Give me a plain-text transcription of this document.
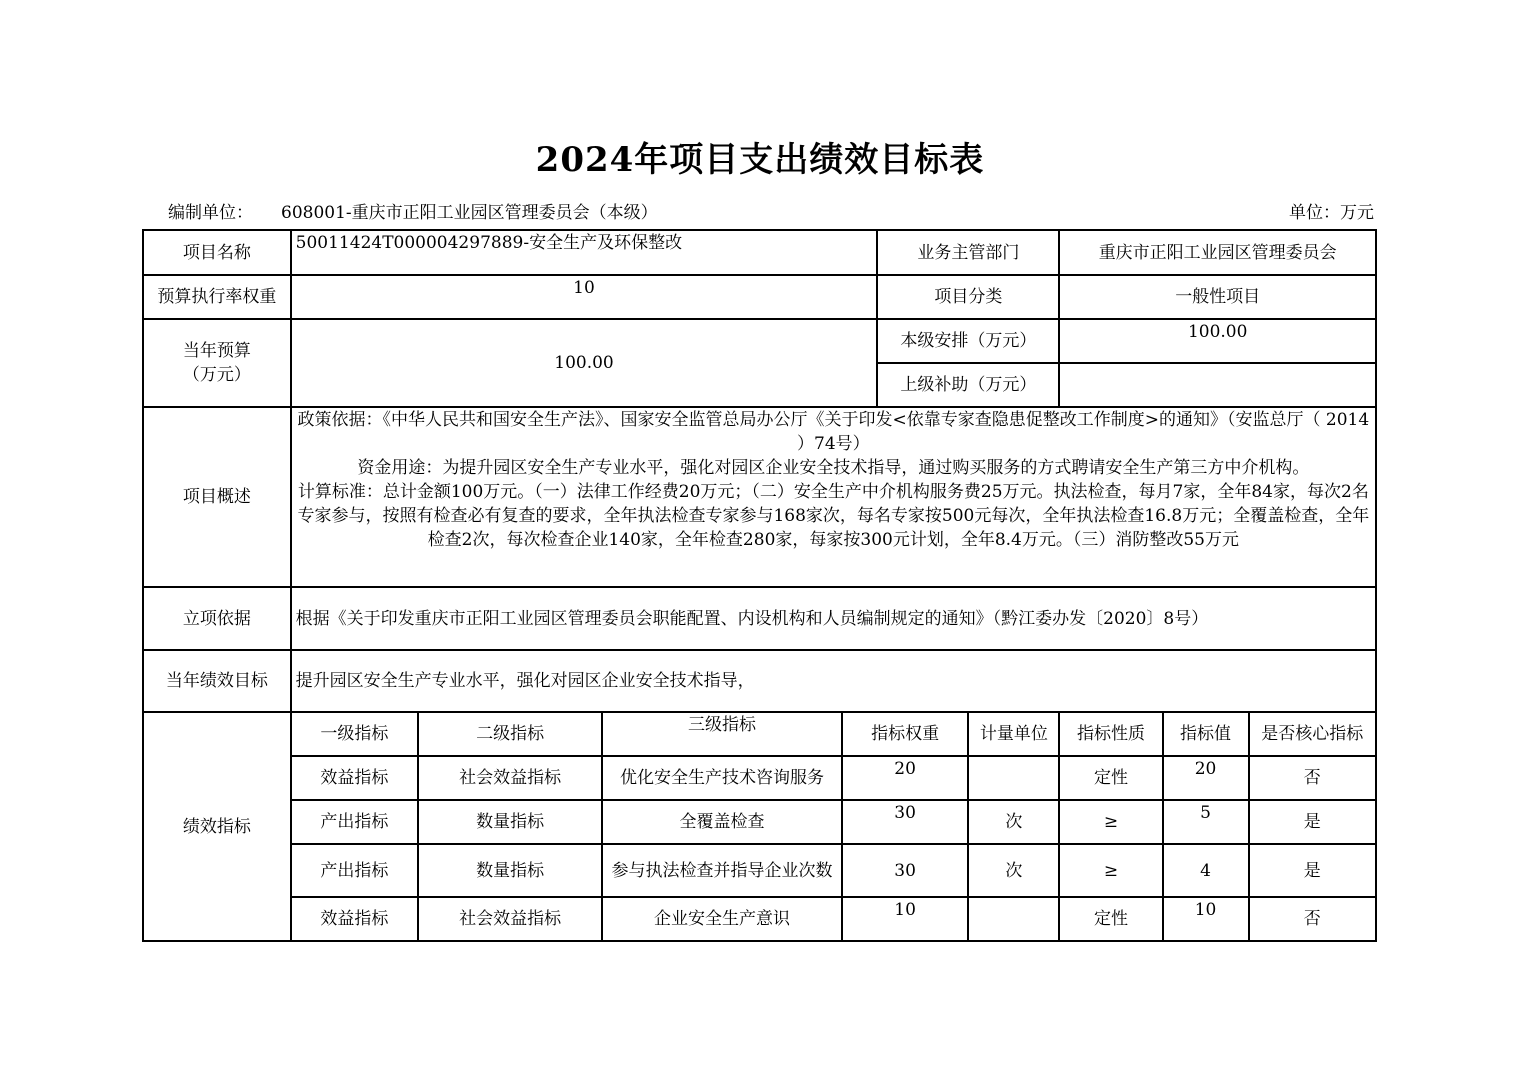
2024年项目支出绩效目标表
编制单位： 608001-重庆市正阳工业园区管理委员会（本级）	单位：万元
项目名称	50011424T000004297889-安全生产及环保整改				业务主管部门		重庆市正阳工业园区管理委员会		
预算执行率权重	10				项目分类		一般性项目		

当年预算
（万元）	100.00				本级安排（万元）		100.00		
					上级补助（万元）				
项目概述	政策依据：《中华人民共和国安全生产法》、国家安全监管总局办公厅《关于印发<依靠专家查隐患促整改工作制度>的通知》（安监总厅（ 2014 ）74号）

资金用途：为提升园区安全生产专业水平，强化对园区企业安全技术指导，通过购买服务的方式聘请安全生产第三方中介机构。

计算标准：总计金额100万元。（一）法律工作经费20万元；（二）安全生产中介机构服务费25万元。执法检查，每月7家，全年84家，每次2名专家参与，按照有检查必有复查的要求，全年执法检查专家参与168家次，每名专家按500元每次，全年执法检查16.8万元；全覆盖检查，全年检查2次，每次检查企业140家，全年检查280家，每家按300元计划，全年8.4万元。（三）消防整改55万元								

立项依据	根据《关于印发重庆市正阳工业园区管理委员会职能配置、内设机构和人员编制规定的通知》（黔江委办发〔2020〕8号）								
当年绩效目标	提升园区安全生产专业水平，强化对园区企业安全技术指导，								
绩效指标	一级指标	二级指标	三级指标	指标权重		计量单位	指标性质	指标值	是否核心指标
	效益指标	社会效益指标	优化安全生产技术咨询服务	20			定性	20	否
	产出指标	数量指标	全覆盖检查	30		次	≥	5	是
	产出指标	数量指标	参与执法检查并指导企业次数	30		次	≥	4	是
	效益指标	社会效益指标	企业安全生产意识	10			定性	10	否
